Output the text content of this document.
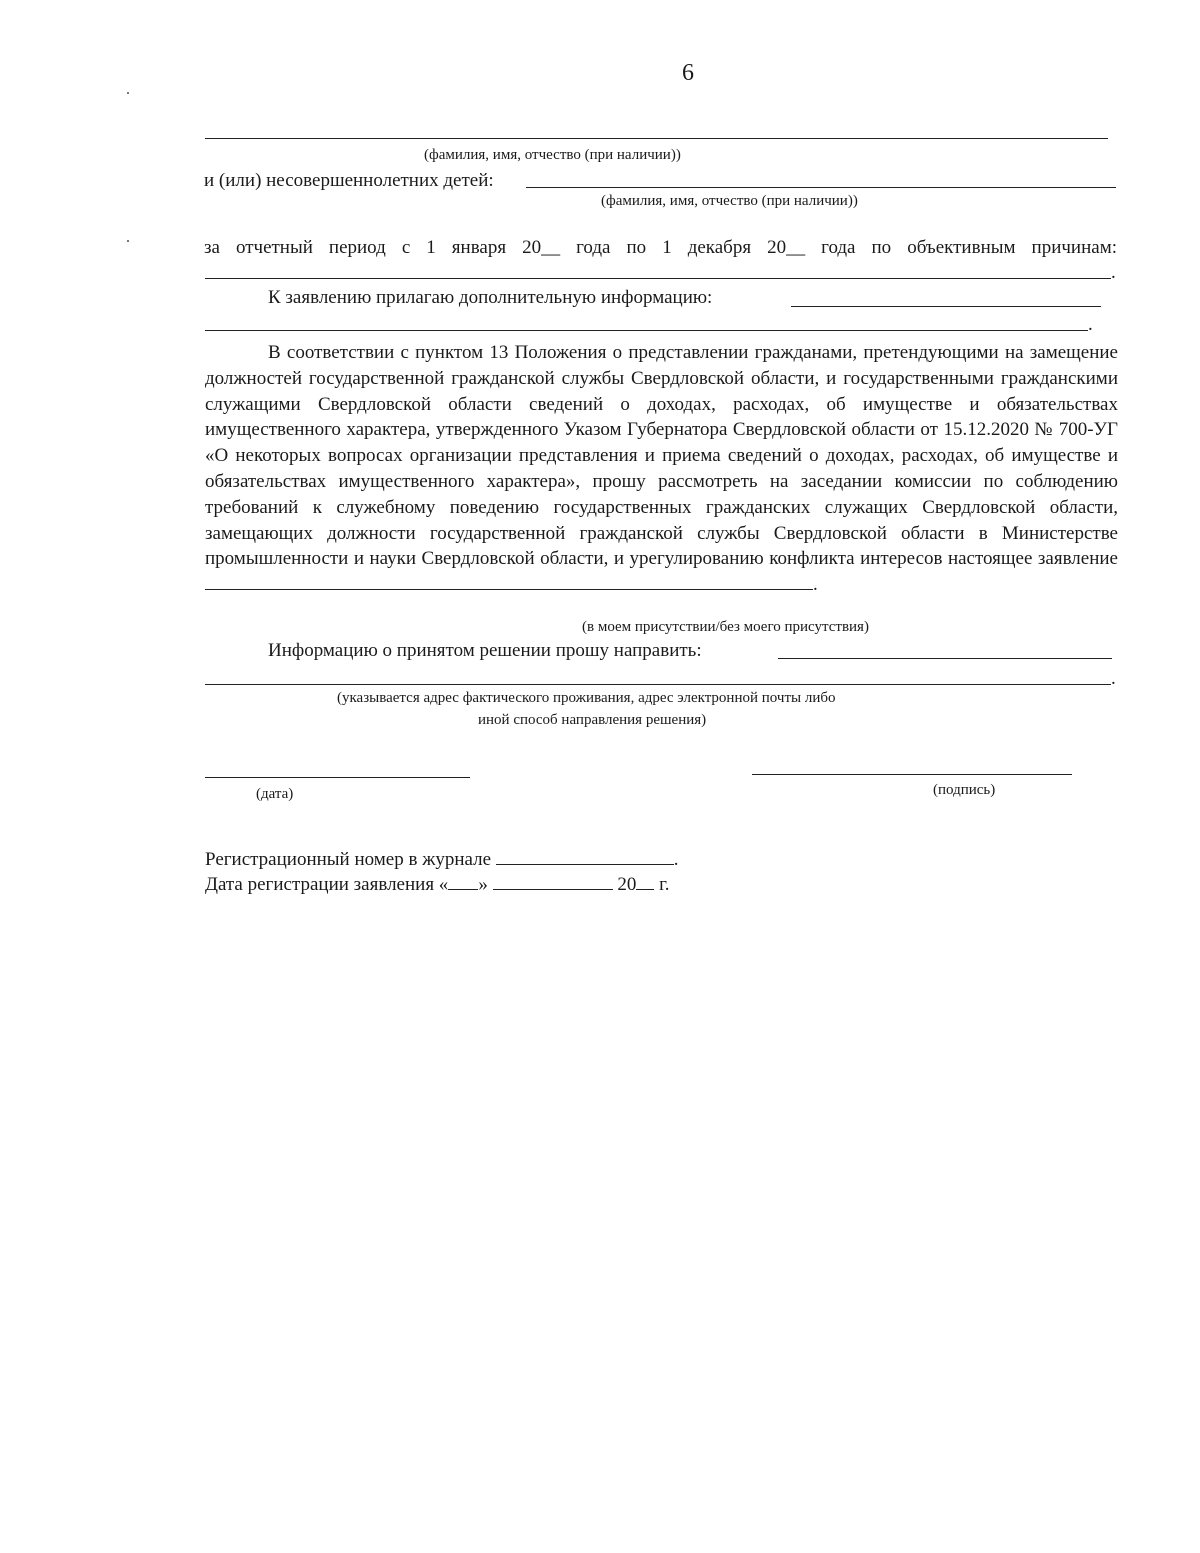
6
(фамилия, имя, отчество (при наличии))
и (или) несовершеннолетних детей:
(фамилия, имя, отчество (при наличии))
за отчетный период с 1 января 20__ года по 1 декабря 20__ года по объективным причинам:
.
К заявлению прилагаю дополнительную информацию:
.

В соответствии с пунктом 13 Положения о представлении гражданами, претендующими на замещение должностей государственной гражданской службы Свердловской области, и государственными гражданскими служащими Свердловской области сведений о доходах, расходах, об имуществе и обязательствах имущественного характера, утвержденного Указом Губернатора Свердловской области от 15.12.2020 № 700-УГ «О некоторых вопросах организации представления и приема сведений о доходах, расходах, об имуществе и обязательствах имущественного характера», прошу рассмотреть на заседании комиссии по соблюдению требований к служебному поведению государственных гражданских служащих Свердловской области, замещающих должности государственной гражданской службы Свердловской области в Министерстве промышленности и науки Свердловской области, и урегулированию конфликта интересов настоящее заявление .

(в моем присутствии/без моего присутствия)
Информацию о принятом решении прошу направить:
.
(указывается адрес фактического проживания, адрес электронной почты либо
иной способ направления решения)
(дата)	(подпись)
Регистрационный номер в журнале	.
Дата регистрации заявления « »	20 г.
